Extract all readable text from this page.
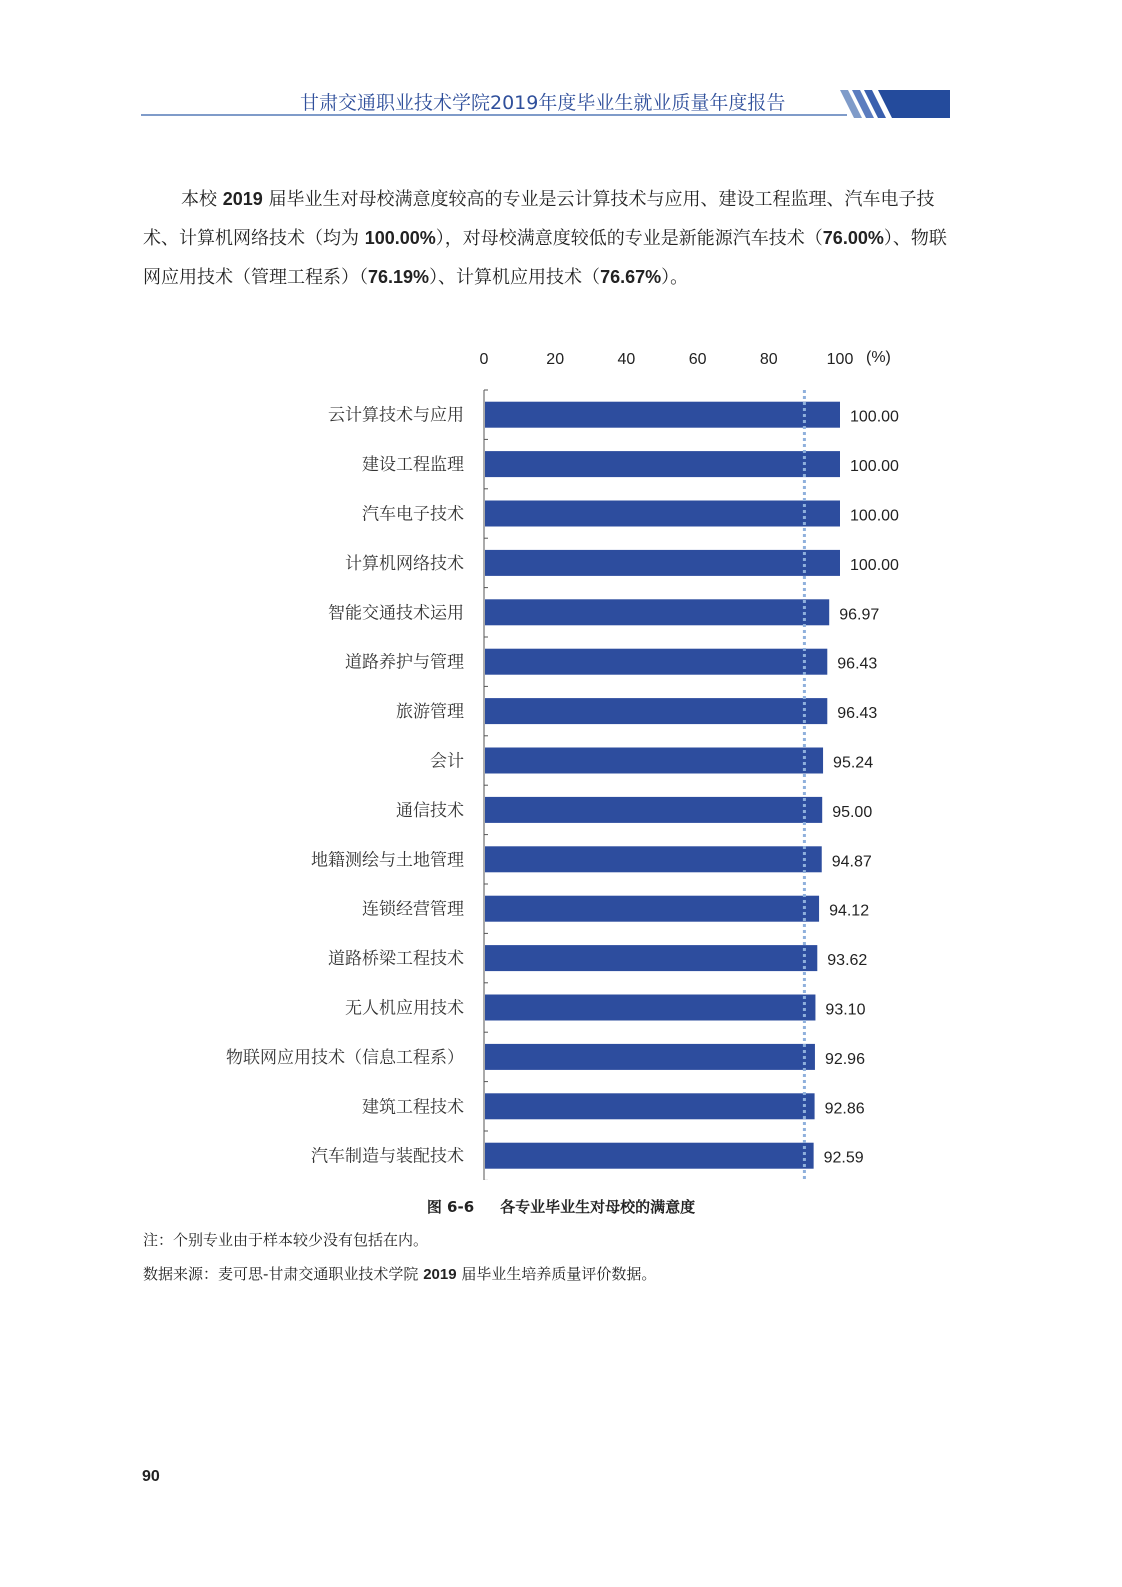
甘肃交通职业技术学院2019年度毕业生就业质量年度报告
本校 2019 届毕业生对母校满意度较高的专业是云计算技术与应用、建设工程监理、汽车电子技术、计算机网络技术（均为 100.00%），对母校满意度较低的专业是新能源汽车技术（76.00%）、物联网应用技术（管理工程系）（76.19%）、计算机应用技术（76.67%）。
0	20	40	60	80	100 (%)
云计算技术与应用	100.00
建设工程监理	100.00
汽车电子技术	100.00
计算机网络技术	100.00
智能交通技术运用	96.97
道路养护与管理	96.43
旅游管理	96.43
会计	95.24
通信技术	95.00
地籍测绘与土地管理	94.87
连锁经营管理	94.12
道路桥梁工程技术	93.62
无人机应用技术	93.10
物联网应用技术（信息工程系）	92.96
建筑工程技术	92.86
汽车制造与装配技术	92.59
图 6-6 各专业毕业生对母校的满意度
注：个别专业由于样本较少没有包括在内。
数据来源：麦可思-甘肃交通职业技术学院 2019 届毕业生培养质量评价数据。
90
